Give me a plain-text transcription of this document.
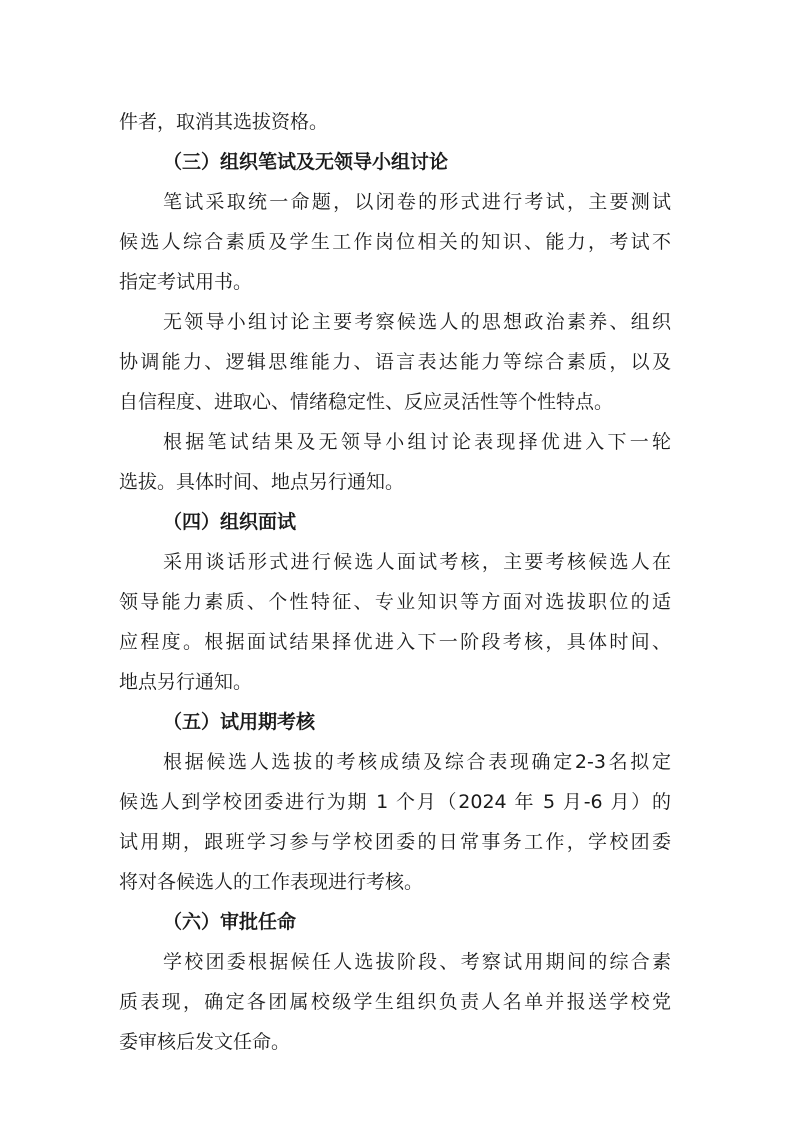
件者，取消其选拔资格。
（三）组织笔试及无领导小组讨论
笔试采取统一命题，以闭卷的形式进行考试，主要测试
候选人综合素质及学生工作岗位相关的知识、能力，考试不
指定考试用书。
无领导小组讨论主要考察候选人的思想政治素养、组织
协调能力、逻辑思维能力、语言表达能力等综合素质，以及
自信程度、进取心、情绪稳定性、反应灵活性等个性特点。
根据笔试结果及无领导小组讨论表现择优进入下一轮
选拔。具体时间、地点另行通知。
（四）组织面试
采用谈话形式进行候选人面试考核，主要考核候选人在
领导能力素质、个性特征、专业知识等方面对选拔职位的适
应程度。根据面试结果择优进入下一阶段考核，具体时间、
地点另行通知。
（五）试用期考核
根据候选人选拔的考核成绩及综合表现确定2-3名拟定
候选人到学校团委进行为期 1 个月（2024 年 5 月-6 月）的
试用期，跟班学习参与学校团委的日常事务工作，学校团委
将对各候选人的工作表现进行考核。
（六）审批任命
学校团委根据候任人选拔阶段、考察试用期间的综合素
质表现，确定各团属校级学生组织负责人名单并报送学校党
委审核后发文任命。
